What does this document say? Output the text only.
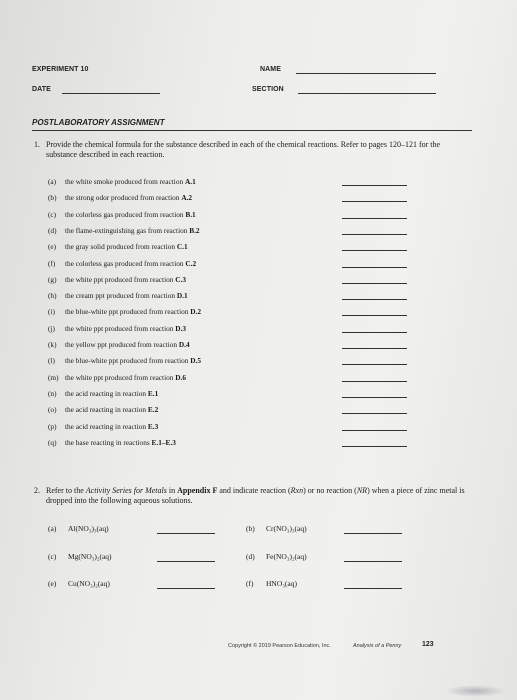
EXPERIMENT 10	NAME
DATE	SECTION
POSTLABORATORY ASSIGNMENT
1. Provide the chemical formula for the substance described in each of the chemical reactions. Refer to pages 120–121 for the substance described in each reaction.
(a) the white smoke produced from reaction A.1
(b) the strong odor produced from reaction A.2
(c) the colorless gas produced from reaction B.1
(d) the flame-extinguishing gas from reaction B.2
(e) the gray solid produced from reaction C.1
(f) the colorless gas produced from reaction C.2
(g) the white ppt produced from reaction C.3
(h) the cream ppt produced from reaction D.1
(i) the blue-white ppt produced from reaction D.2
(j) the white ppt produced from reaction D.3
(k) the yellow ppt produced from reaction D.4
(l) the blue-white ppt produced from reaction D.5
(m) the white ppt produced from reaction D.6
(n) the acid reacting in reaction E.1
(o) the acid reacting in reaction E.2
(p) the acid reacting in reaction E.3
(q) the base reacting in reactions E.1–E.3
2. Refer to the Activity Series for Metals in Appendix F and indicate reaction (Rxn) or no reaction (NR) when a piece of zinc metal is dropped into the following aqueous solutions.
(a) Al(NO₃)₃(aq)	(b) Cr(NO₃)₃(aq)
(c) Mg(NO₃)₂(aq)	(d) Fe(NO₃)₂(aq)
(e) Cu(NO₃)₂(aq)	(f) HNO₃(aq)
Copyright © 2019 Pearson Education, Inc.	Analysis of a Penny	123
